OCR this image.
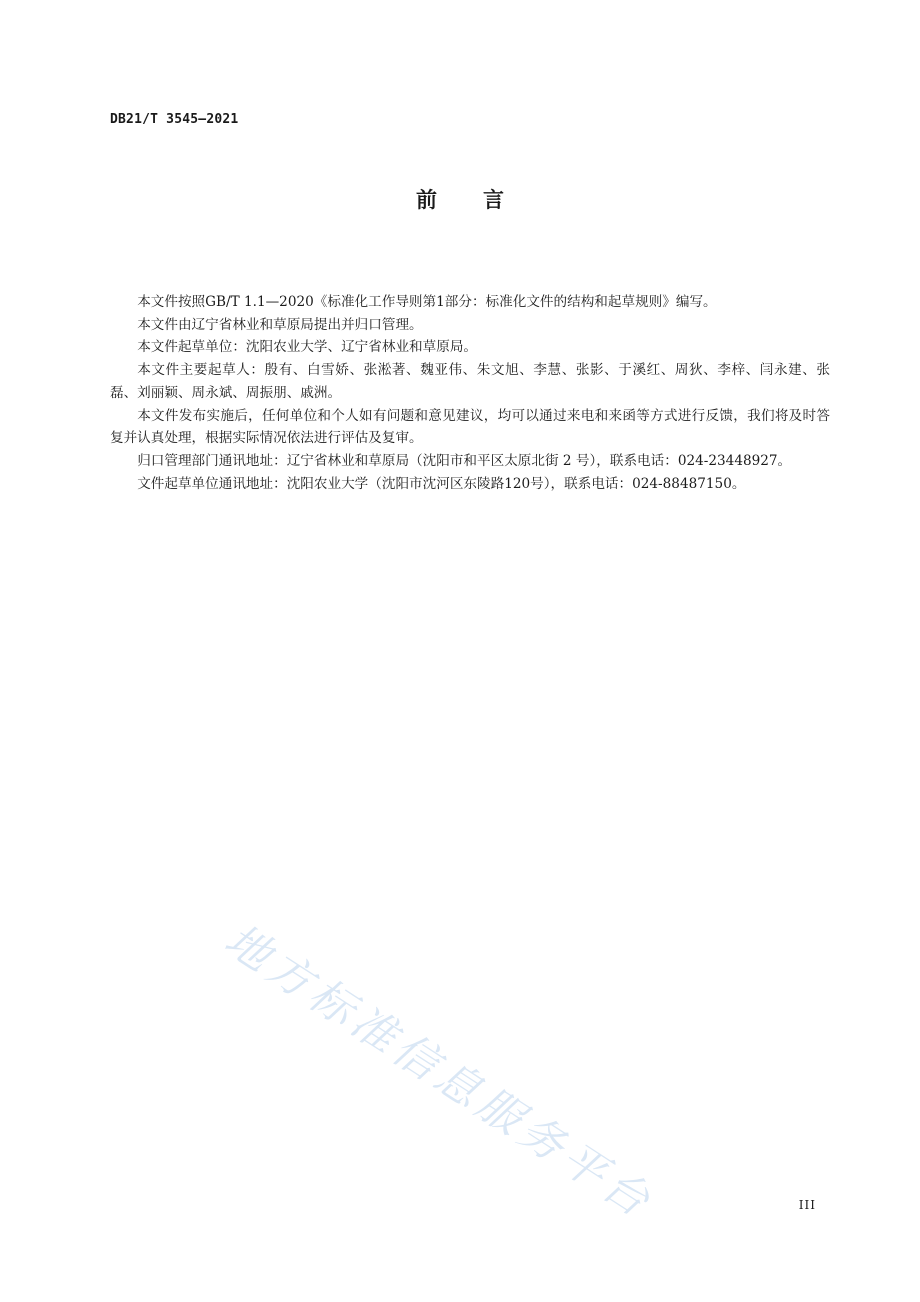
DB21/T 3545—2021
前言

本文件按照GB/T 1.1—2020《标准化工作导则第1部分：标准化文件的结构和起草规则》编写。

本文件由辽宁省林业和草原局提出并归口管理。

本文件起草单位：沈阳农业大学、辽宁省林业和草原局。

本文件主要起草人：殷有、白雪娇、张淞著、魏亚伟、朱文旭、李慧、张影、于溪红、周狄、李梓、闫永建、张磊、刘丽颖、周永斌、周振朋、戚洲。

本文件发布实施后，任何单位和个人如有问题和意见建议，均可以通过来电和来函等方式进行反馈，我们将及时答复并认真处理，根据实际情况依法进行评估及复审。

归口管理部门通讯地址：辽宁省林业和草原局（沈阳市和平区太原北街 2 号），联系电话：024-23448927。

文件起草单位通讯地址：沈阳农业大学（沈阳市沈河区东陵路120号），联系电话：024-88487150。

地方标准信息服务平台	III
